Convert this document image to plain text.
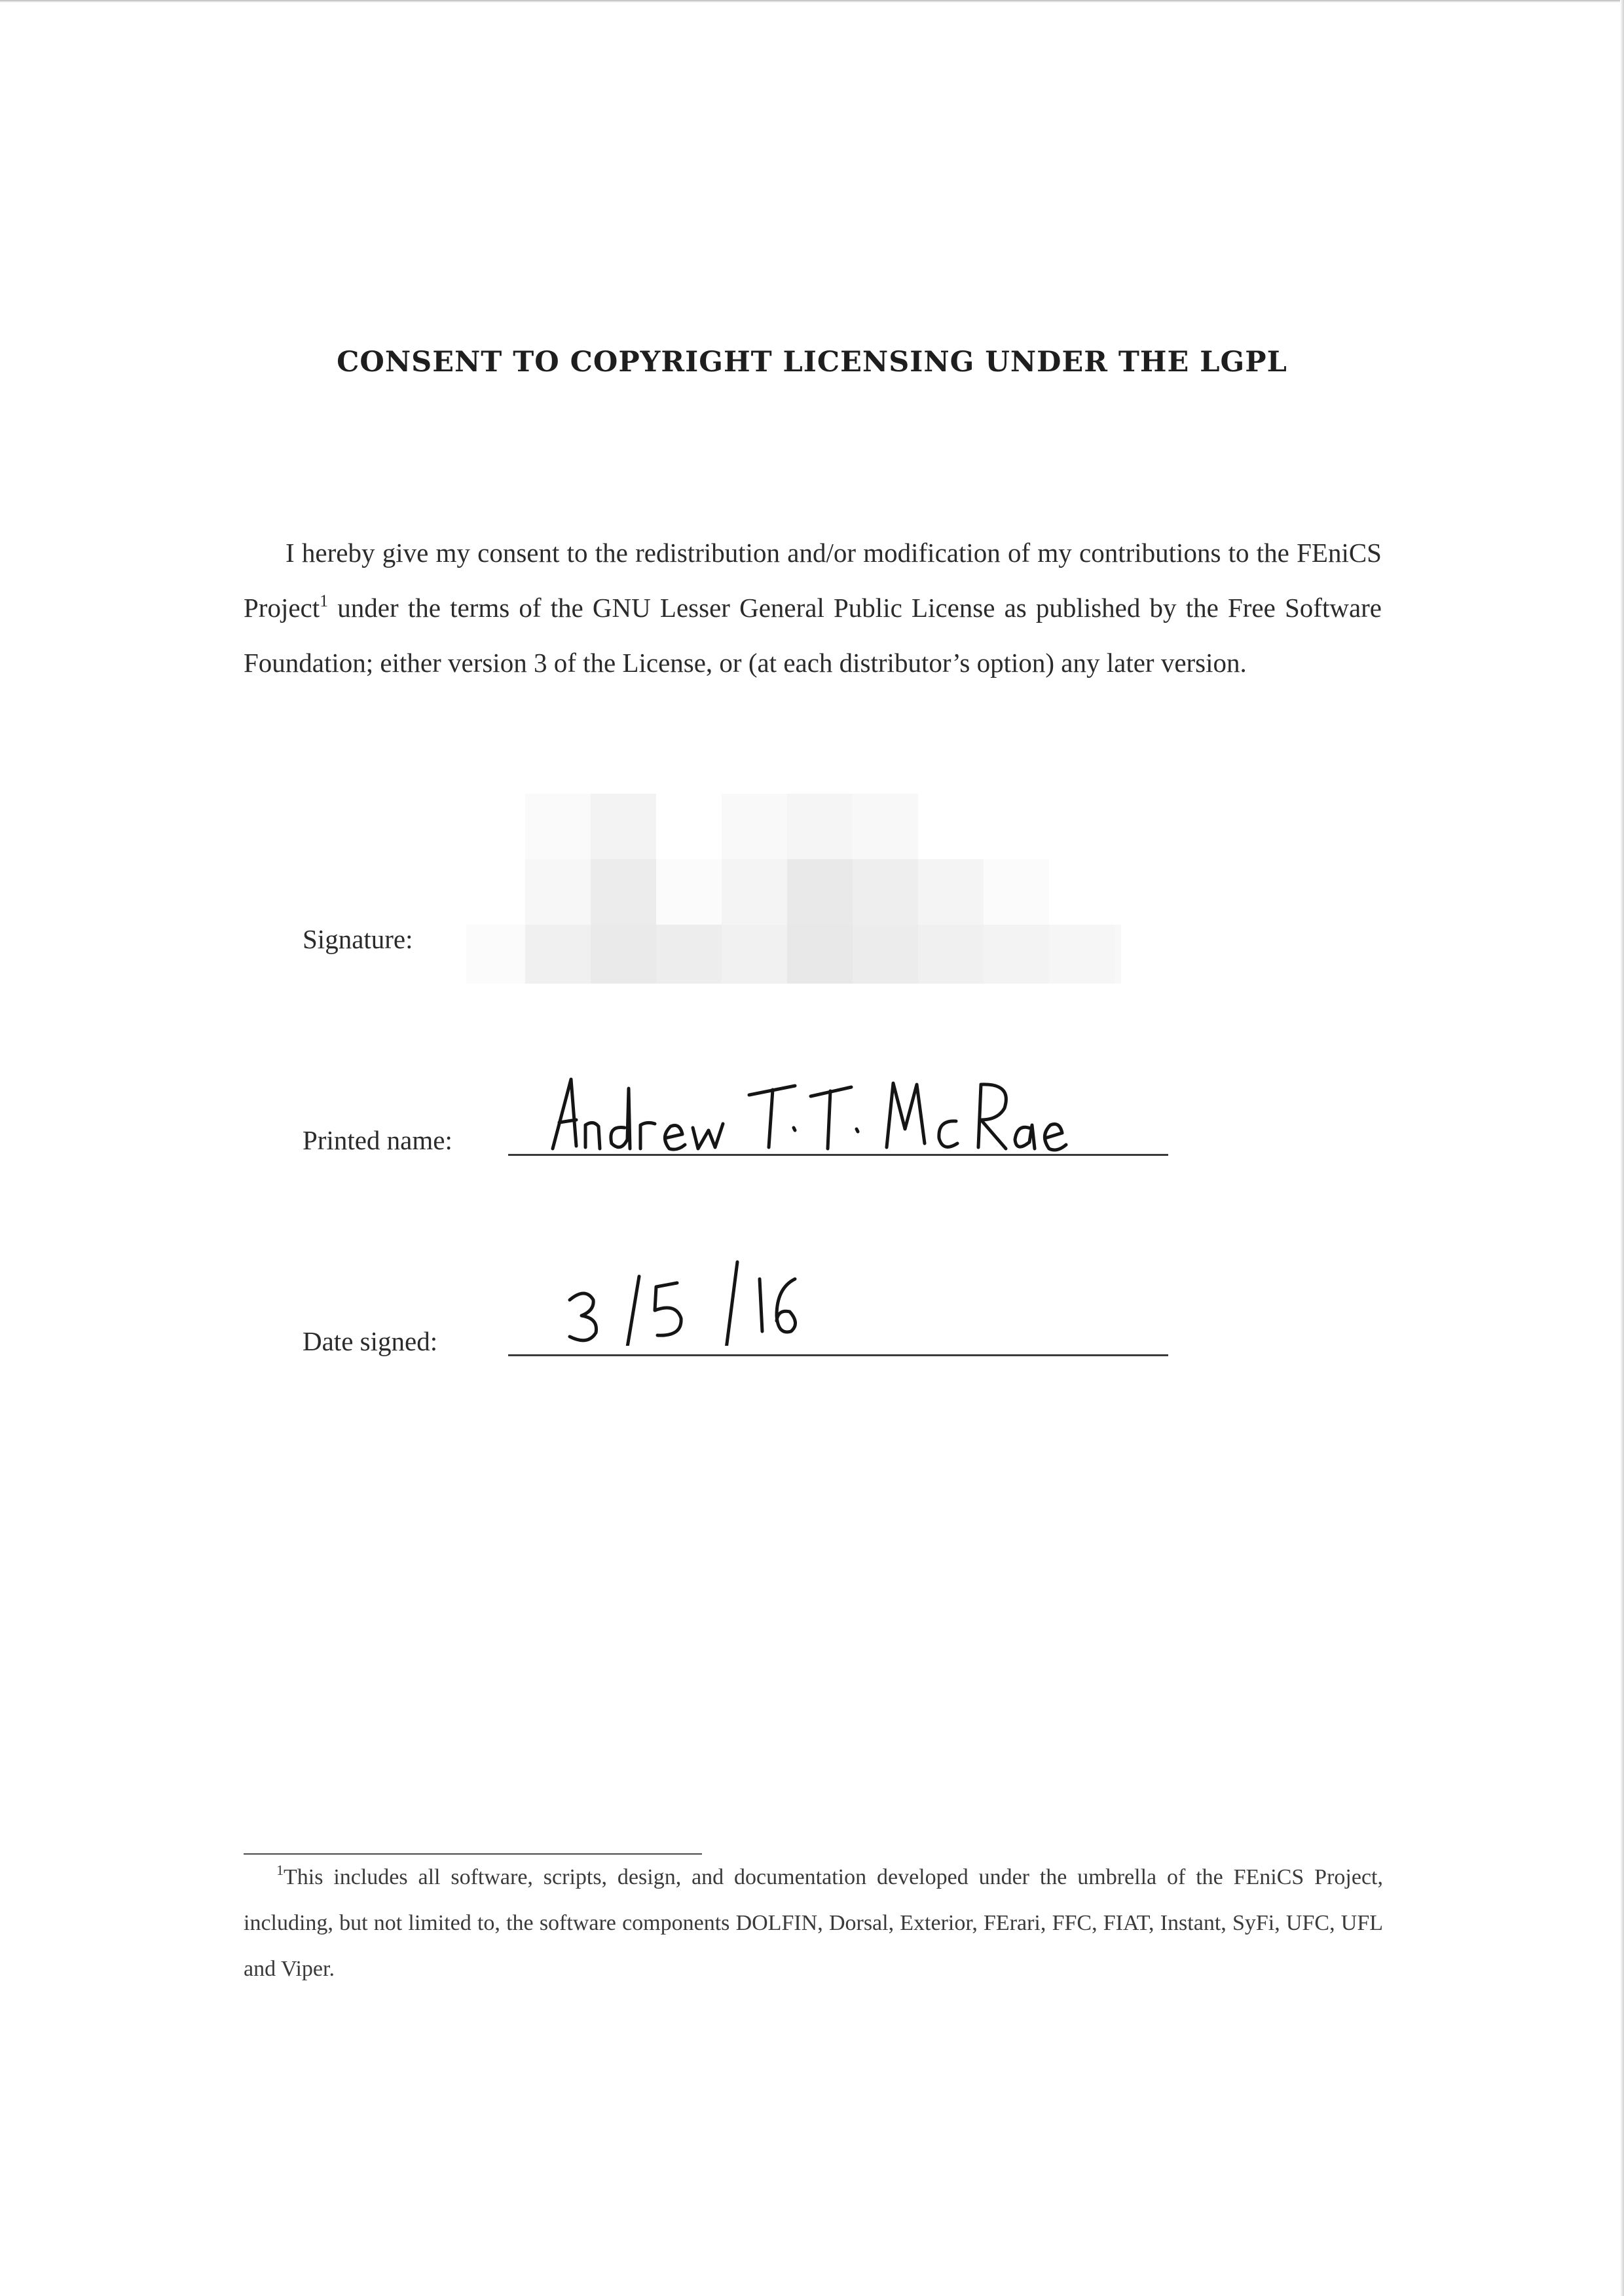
CONSENT TO COPYRIGHT LICENSING UNDER THE LGPL

I hereby give my consent to the redistribution and/or modification of my contributions to the FEniCS Project$^1$ under the terms of the GNU Lesser General Public License as published by the Free Software Foundation; either version 3 of the License, or (at each distributor’s option) any later version.

Signature:
Printed name:
Date signed:

$^1$This includes all software, scripts, design, and documentation developed under the umbrella of the FEniCS Project, including, but not limited to, the software components DOLFIN, Dorsal, Exterior, FErari, FFC, FIAT, Instant, SyFi, UFC, UFL and Viper.
